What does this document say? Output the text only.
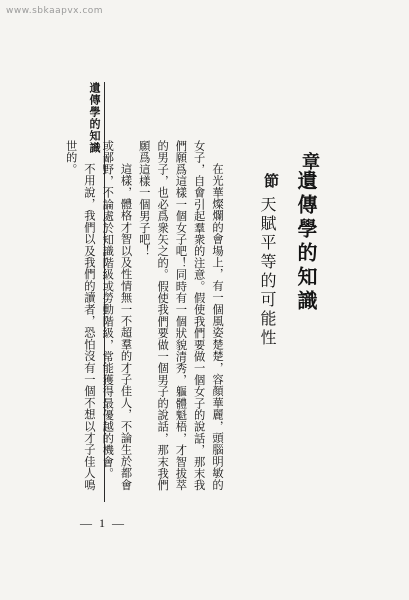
www.sbkaapvx.com
遺傳學的知識
章
遺傳學的知識
節
天賦平等的可能性

在光華燦爛的會場上，有一個風姿楚楚，容顏華麗，頭腦明敏的女子，自會引起羣衆的注意。假使我們要做一個女子的說話，那末我們願爲這樣一個女子吧！同時有一個狀貌清秀，軀體魁梧，才智拔萃的男子，也必爲衆矢之的。假使我們要做一個男子的說話，那末我們願爲這樣一個男子吧！

這樣，體格才智以及性情無一不超羣的才子佳人，不論生於都會或鄙野，不論處於知識階級或勞動階級，常能獲得最優越的機會。

不用說，我們以及我們的讀者，恐怕沒有一個不想以才子佳人鳴世的。

— 1 —
